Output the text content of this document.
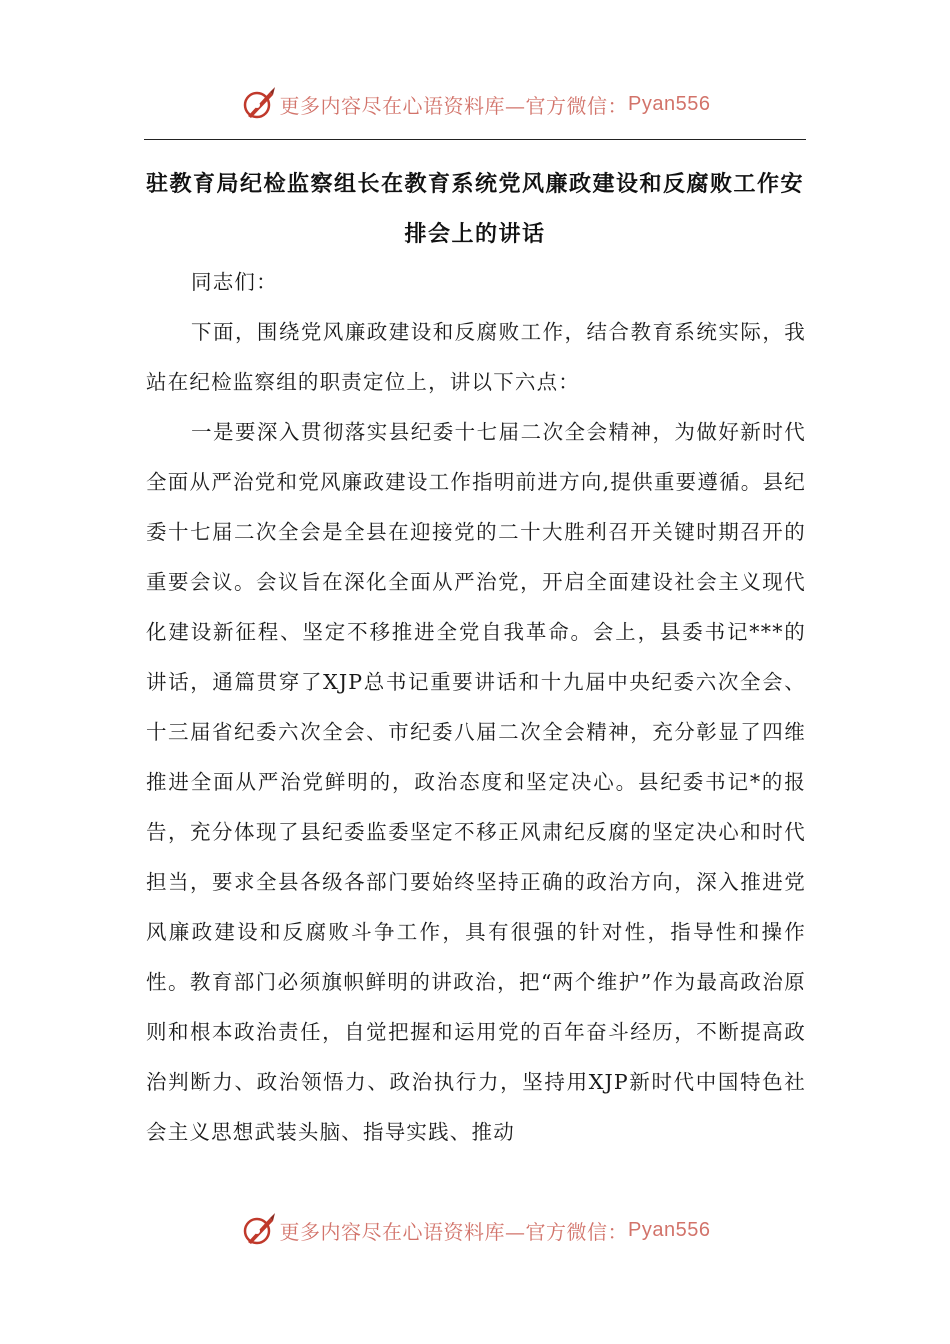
更多内容尽在心语资料库—官方微信： Pyan556
驻教育局纪检监察组长在教育系统党风廉政建设和反腐败工作安排会上的讲话

同志们：

下面，围绕党风廉政建设和反腐败工作，结合教育系统实际，我站在纪检监察组的职责定位上，讲以下六点：

一是要深入贯彻落实县纪委十七届二次全会精神，为做好新时代全面从严治党和党风廉政建设工作指明前进方向,提供重要遵循。县纪委十七届二次全会是全县在迎接党的二十大胜利召开关键时期召开的重要会议。会议旨在深化全面从严治党，开启全面建设社会主义现代化建设新征程、坚定不移推进全党自我革命。会上，县委书记***的讲话，通篇贯穿了XJP总书记重要讲话和十九届中央纪委六次全会、十三届省纪委六次全会、市纪委八届二次全会精神，充分彰显了四维推进全面从严治党鲜明的，政治态度和坚定决心。县纪委书记*的报告，充分体现了县纪委监委坚定不移正风肃纪反腐的坚定决心和时代担当，要求全县各级各部门要始终坚持正确的政治方向，深入推进党风廉政建设和反腐败斗争工作，具有很强的针对性，指导性和操作性。教育部门必须旗帜鲜明的讲政治，把“两个维护”作为最高政治原则和根本政治责任，自觉把握和运用党的百年奋斗经历，不断提高政治判断力、政治领悟力、政治执行力，坚持用XJP新时代中国特色社会主义思想武装头脑、指导实践、推动

更多内容尽在心语资料库—官方微信： Pyan556
